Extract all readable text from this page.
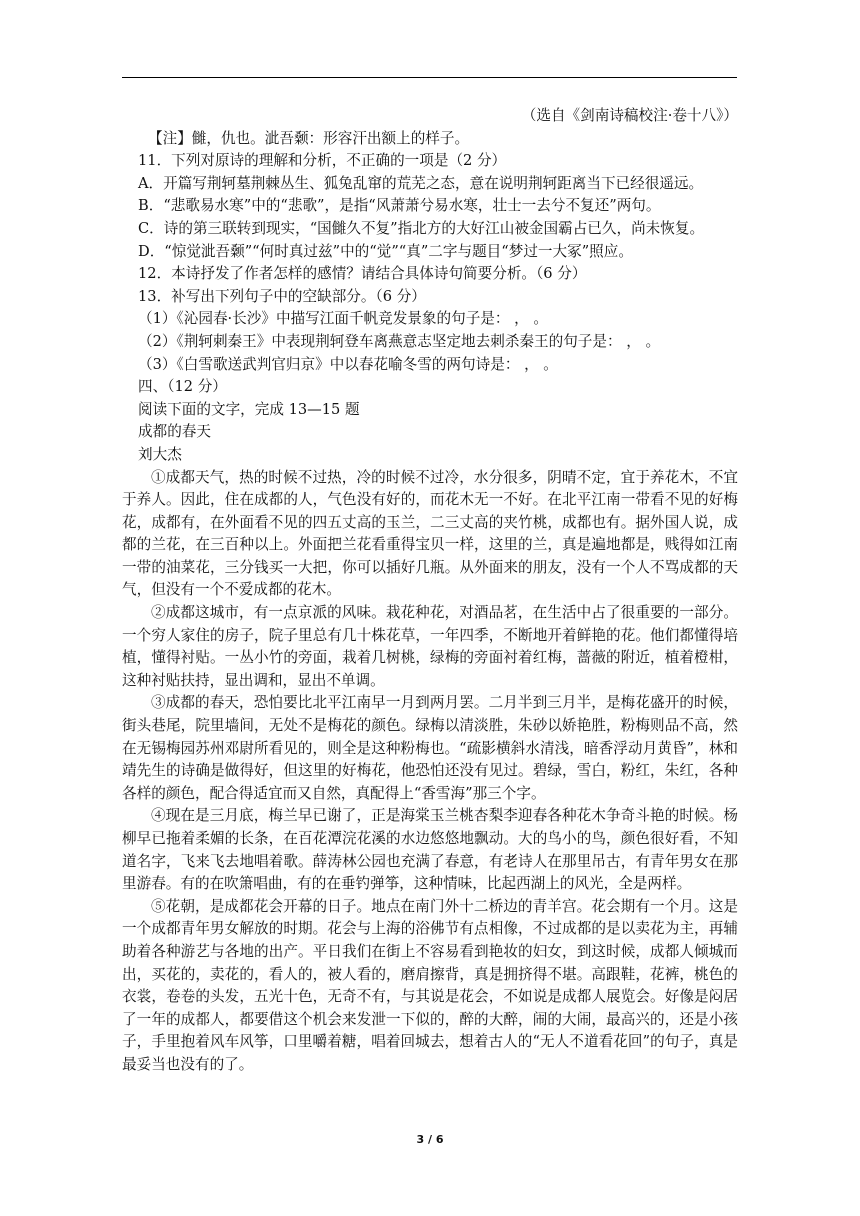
（选自《剑南诗稿校注·卷十八》）

【注】雠，仇也。泚吾颡：形容汗出额上的样子。

11．下列对原诗的理解和分析，不正确的一项是（2 分）

A．开篇写荆轲墓荆棘丛生、狐兔乱窜的荒芜之态，意在说明荆轲距离当下已经很遥远。

B．“悲歌易水寒”中的“悲歌”，是指“风萧萧兮易水寒，壮士一去兮不复还”两句。

C．诗的第三联转到现实，“国雠久不复”指北方的大好江山被金国霸占已久，尚未恢复。

D．“惊觉泚吾颡”“何时真过兹”中的“觉”“真”二字与题目“梦过一大冢”照应。

12．本诗抒发了作者怎样的感情？请结合具体诗句简要分析。（6 分）

13．补写出下列句子中的空缺部分。（6 分）

（1）《沁园春·长沙》中描写江面千帆竞发景象的句子是： ， 。

（2）《荆轲刺秦王》中表现荆轲登车离燕意志坚定地去刺杀秦王的句子是： ， 。

（3）《白雪歌送武判官归京》中以春花喻冬雪的两句诗是： ， 。

四、（12 分）

阅读下面的文字，完成 13—15 题

成都的春天

刘大杰

①成都天气，热的时候不过热，冷的时候不过冷，水分很多，阴晴不定，宜于养花木，不宜于养人。因此，住在成都的人，气色没有好的，而花木无一不好。在北平江南一带看不见的好梅花，成都有，在外面看不见的四五丈高的玉兰，二三丈高的夹竹桃，成都也有。据外国人说，成都的兰花，在三百种以上。外面把兰花看重得宝贝一样，这里的兰，真是遍地都是，贱得如江南一带的油菜花，三分钱买一大把，你可以插好几瓶。从外面来的朋友，没有一个人不骂成都的天气，但没有一个不爱成都的花木。

②成都这城市，有一点京派的风味。栽花种花，对酒品茗，在生活中占了很重要的一部分。一个穷人家住的房子，院子里总有几十株花草，一年四季，不断地开着鲜艳的花。他们都懂得培植，懂得衬贴。一丛小竹的旁面，栽着几树桃，绿梅的旁面衬着红梅，蔷薇的附近，植着橙柑，这种衬贴扶持，显出调和，显出不单调。

③成都的春天，恐怕要比北平江南早一月到两月罢。二月半到三月半，是梅花盛开的时候，街头巷尾，院里墙间，无处不是梅花的颜色。绿梅以清淡胜，朱砂以娇艳胜，粉梅则品不高，然在无锡梅园苏州邓尉所看见的，则全是这种粉梅也。“疏影横斜水清浅，暗香浮动月黄昏”，林和靖先生的诗确是做得好，但这里的好梅花，他恐怕还没有见过。碧绿，雪白，粉红，朱红，各种各样的颜色，配合得适宜而又自然，真配得上“香雪海”那三个字。

④现在是三月底，梅兰早已谢了，正是海棠玉兰桃杏梨李迎春各种花木争奇斗艳的时候。杨柳早已拖着柔媚的长条，在百花潭浣花溪的水边悠悠地飘动。大的鸟小的鸟，颜色很好看，不知道名字，飞来飞去地唱着歌。薛涛林公园也充满了春意，有老诗人在那里吊古，有青年男女在那里游春。有的在吹箫唱曲，有的在垂钓弹筝，这种情味，比起西湖上的风光，全是两样。

⑤花朝，是成都花会开幕的日子。地点在南门外十二桥边的青羊宫。花会期有一个月。这是一个成都青年男女解放的时期。花会与上海的浴佛节有点相像，不过成都的是以卖花为主，再辅助着各种游艺与各地的出产。平日我们在街上不容易看到艳妆的妇女，到这时候，成都人倾城而出，买花的，卖花的，看人的，被人看的，磨肩擦背，真是拥挤得不堪。高跟鞋，花裤，桃色的衣裳，卷卷的头发，五光十色，无奇不有，与其说是花会，不如说是成都人展览会。好像是闷居了一年的成都人，都要借这个机会来发泄一下似的，醉的大醉，闹的大闹，最高兴的，还是小孩子，手里抱着风车风筝，口里嚼着糖，唱着回城去，想着古人的“无人不道看花回”的句子，真是最妥当也没有的了。

3 / 6
